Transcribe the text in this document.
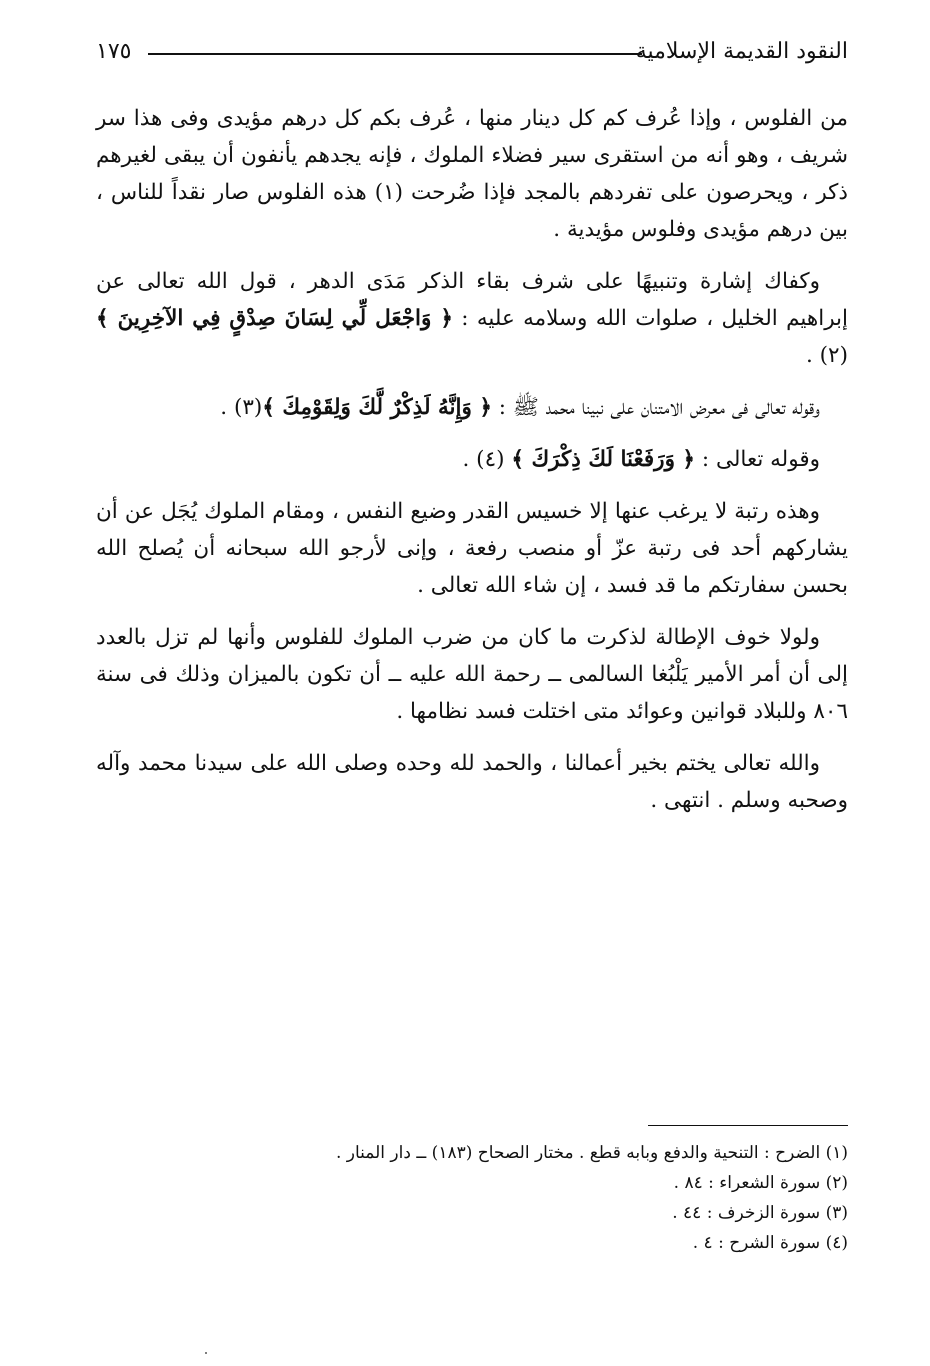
النقود القديمة الإسلامية
١٧٥

من الفلوس ، وإذا عُرف كم كل دينار منها ، عُرف بكم كل درهم مؤيدى وفى هذا سر شريف ، وهو أنه من استقرى سير فضلاء الملوك ، فإنه يجدهم يأنفون أن يبقى لغيرهم ذكر ، ويحرصون على تفردهم بالمجد فإذا ضُرحت (١) هذه الفلوس صار نقداً للناس ، بين درهم مؤيدى وفلوس مؤيدية .

وكفاك إشارة وتنبيهًا على شرف بقاء الذكر مَدَى الدهر ، قول الله تعالى عن إبراهيم الخليل ، صلوات الله وسلامه عليه : ﴿ وَاجْعَل لِّي لِسَانَ صِدْقٍ فِي الآخِرِينَ ﴾(٢) .

وقوله تعالى فى معرض الامتنان على نبينا محمد ﷺ : ﴿ وَإِنَّهُ لَذِكْرٌ لَّكَ وَلِقَوْمِكَ ﴾(٣) .

وقوله تعالى : ﴿ وَرَفَعْنَا لَكَ ذِكْرَكَ ﴾ (٤) .

وهذه رتبة لا يرغب عنها إلا خسيس القدر وضيع النفس ، ومقام الملوك يُجَل عن أن يشاركهم أحد فى رتبة عزّ أو منصب رفعة ، وإنى لأرجو الله سبحانه أن يُصلح الله بحسن سفارتكم ما قد فسد ، إن شاء الله تعالى .

ولولا خوف الإطالة لذكرت ما كان من ضرب الملوك للفلوس وأنها لم تزل بالعدد إلى أن أمر الأمير يَلْبُغا السالمى ــ رحمة الله عليه ــ أن تكون بالميزان وذلك فى سنة ٨٠٦ وللبلاد قوانين وعوائد متى اختلت فسد نظامها .

والله تعالى يختم بخير أعمالنا ، والحمد لله وحده وصلى الله على سيدنا محمد وآله وصحبه وسلم . انتهى .

(١) الضرح : التنحية والدفع وبابه قطع . مختار الصحاح (١٨٣) ــ دار المنار .

(٢) سورة الشعراء : ٨٤ .

(٣) سورة الزخرف : ٤٤ .

(٤) سورة الشرح : ٤ .
